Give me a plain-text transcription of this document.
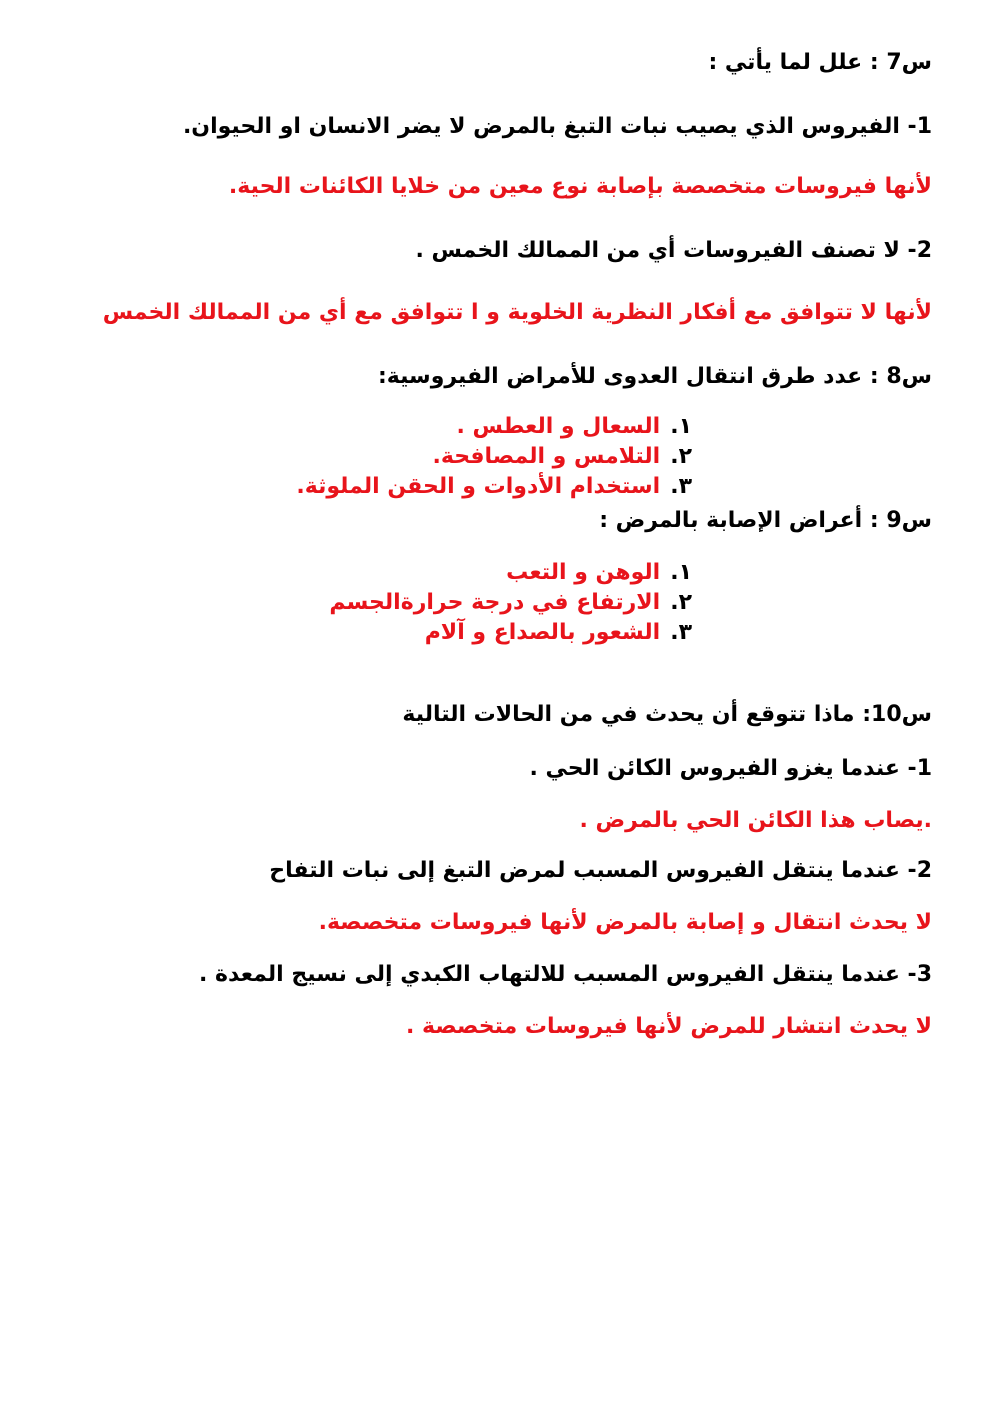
س7 : علل لما يأتي :
1- الفيروس الذي يصيب نبات التبغ بالمرض لا يضر الانسان او الحيوان.
لأنها فيروسات متخصصة بإصابة نوع معين من خلايا الكائنات الحية.
2- لا تصنف الفيروسات أي من الممالك الخمس .
لأنها لا تتوافق مع أفكار النظرية الخلوية و ا تتوافق مع أي من الممالك الخمس
س8 : عدد طرق انتقال العدوى للأمراض الفيروسية:
١.
السعال و العطس .
٢.
التلامس و المصافحة.
٣.
استخدام الأدوات و الحقن الملوثة.
س9 : أعراض الإصابة بالمرض :
١.
الوهن و التعب
٢.
الارتفاع في درجة حرارةالجسم
٣.
الشعور بالصداع و آلام
س10: ماذا تتوقع أن يحدث في من الحالات التالية
1- عندما يغزو الفيروس الكائن الحي .
.يصاب هذا الكائن الحي بالمرض .
2- عندما ينتقل الفيروس المسبب لمرض التبغ إلى نبات التفاح
لا يحدث انتقال و إصابة بالمرض لأنها فيروسات متخصصة.
3- عندما ينتقل الفيروس المسبب للالتهاب الكبدي إلى نسيج المعدة .
لا يحدث انتشار للمرض لأنها فيروسات متخصصة .
